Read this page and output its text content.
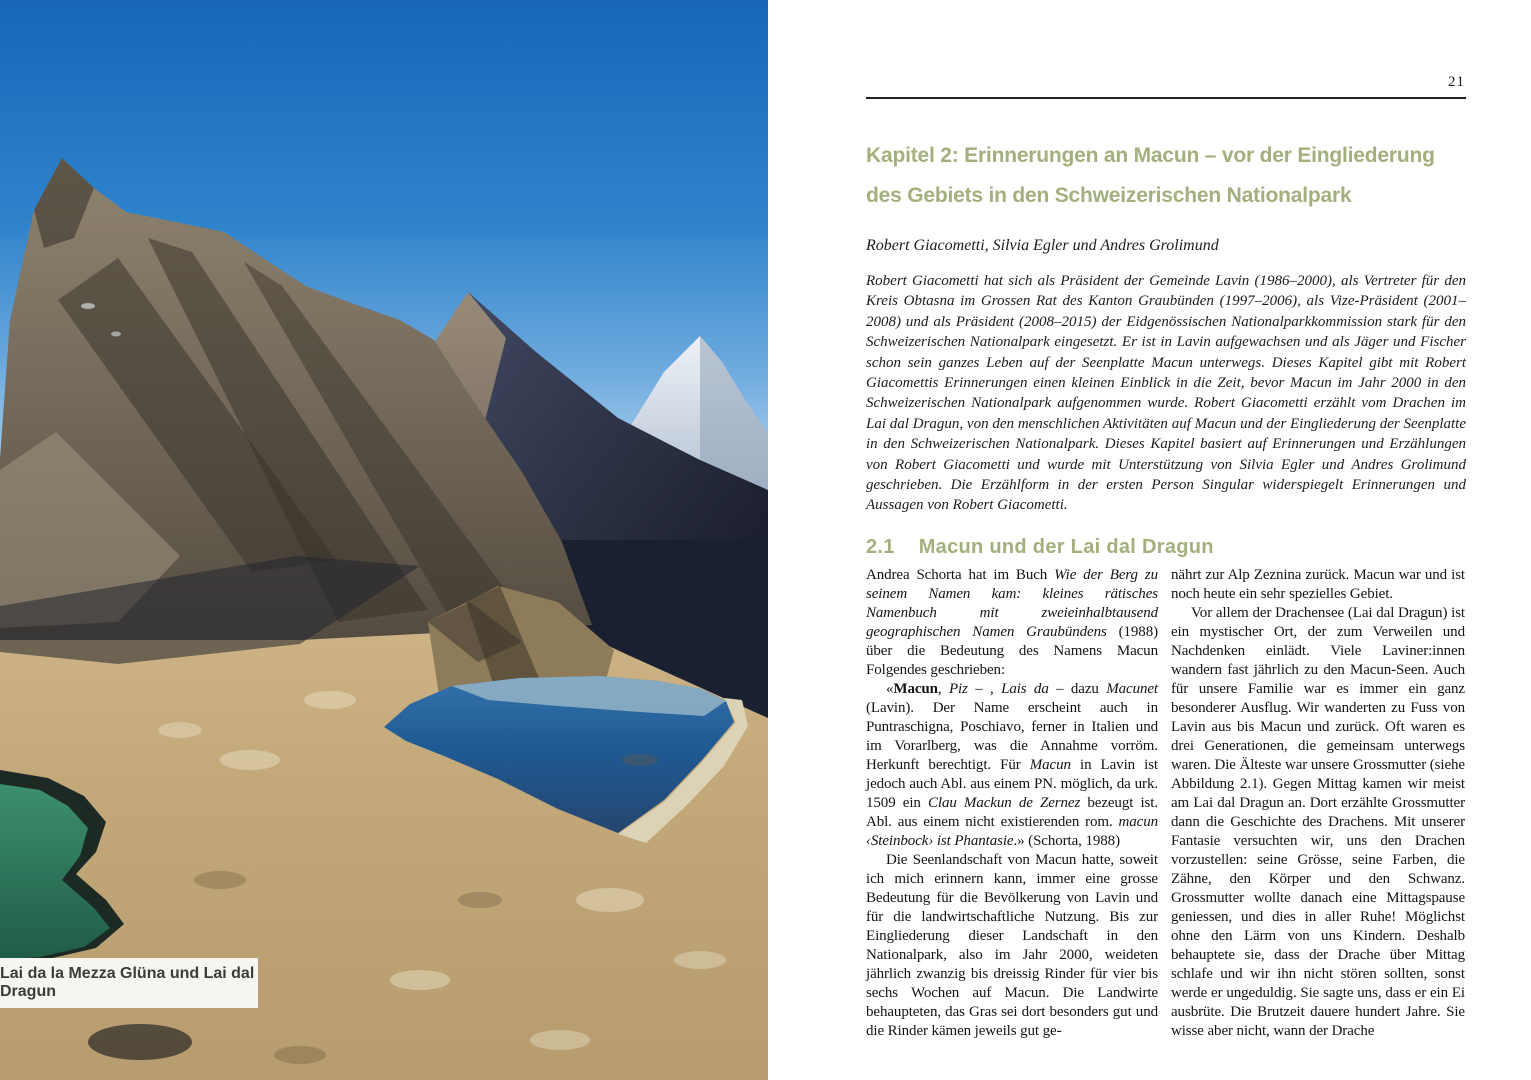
Lai da la Mezza Glüna und Lai dal Dragun
21
Kapitel 2: Erinnerungen an Macun – vor der Eingliederung
des Gebiets in den Schweizerischen Nationalpark
Robert Giacometti, Silvia Egler und Andres Grolimund
Robert Giacometti hat sich als Präsident der Gemeinde Lavin (1986–2000), als Vertreter für den Kreis Obtasna im Grossen Rat des Kanton Graubünden (1997–2006), als Vize-Präsident (2001–2008) und als Präsident (2008–2015) der Eidgenössischen Nationalparkkommission stark für den Schweizerischen Nationalpark eingesetzt. Er ist in Lavin aufgewachsen und als Jäger und Fischer schon sein ganzes Leben auf der Seenplatte Macun unterwegs. Dieses Kapitel gibt mit Robert Giacomettis Erinnerungen einen kleinen Einblick in die Zeit, bevor Macun im Jahr 2000 in den Schweizerischen Nationalpark aufgenommen wurde. Robert Giacometti erzählt vom Drachen im Lai dal Dragun, von den menschlichen Aktivitäten auf Macun und der Eingliederung der Seenplatte in den Schweizerischen Nationalpark. Dieses Kapitel basiert auf Erinnerungen und Erzählungen von Robert Giacometti und wurde mit Unterstützung von Silvia Egler und Andres Grolimund geschrieben. Die Erzählform in der ersten Person Singular widerspiegelt Erinnerungen und Aussagen von Robert Giacometti.
2.1 Macun und der Lai dal Dragun

Andrea Schorta hat im Buch Wie der Berg zu seinem Namen kam: kleines rätisches Namenbuch mit zweieinhalbtausend geographischen Namen Graubündens (1988) über die Bedeutung des Namens Macun Folgendes geschrieben:

«Macun, Piz – , Lais da – dazu Macunet (Lavin). Der Name erscheint auch in Puntraschigna, Poschiavo, ferner in Italien und im Vorarlberg, was die Annahme vorröm. Herkunft berechtigt. Für Macun in Lavin ist jedoch auch Abl. aus einem PN. möglich, da urk. 1509 ein Clau Mackun de Zernez bezeugt ist. Abl. aus einem nicht existierenden rom. macun ‹Steinbock› ist Phantasie.» (Schorta, 1988)

Die Seenlandschaft von Macun hatte, soweit ich mich erinnern kann, immer eine grosse Bedeutung für die Bevölkerung von Lavin und für die landwirtschaftliche Nutzung. Bis zur Eingliederung dieser Landschaft in den Nationalpark, also im Jahr 2000, weideten jährlich zwanzig bis dreissig Rinder für vier bis sechs Wochen auf Macun. Die Landwirte behaupteten, das Gras sei dort besonders gut und die Rinder kämen jeweils gut ge-

nährt zur Alp Zeznina zurück. Macun war und ist noch heute ein sehr spezielles Gebiet.

Vor allem der Drachensee (Lai dal Dragun) ist ein mystischer Ort, der zum Verweilen und Nachdenken einlädt. Viele Laviner:innen wandern fast jährlich zu den Macun-Seen. Auch für unsere Familie war es immer ein ganz besonderer Ausflug. Wir wanderten zu Fuss von Lavin aus bis Macun und zurück. Oft waren es drei Generationen, die gemeinsam unterwegs waren. Die Älteste war unsere Grossmutter (siehe Abbildung 2.1). Gegen Mittag kamen wir meist am Lai dal Dragun an. Dort erzählte Grossmutter dann die Geschichte des Drachens. Mit unserer Fantasie versuchten wir, uns den Drachen vorzustellen: seine Grösse, seine Farben, die Zähne, den Körper und den Schwanz. Grossmutter wollte danach eine Mittagspause geniessen, und dies in aller Ruhe! Möglichst ohne den Lärm von uns Kindern. Deshalb behauptete sie, dass der Drache über Mittag schlafe und wir ihn nicht stören sollten, sonst werde er ungeduldig. Sie sagte uns, dass er ein Ei ausbrüte. Die Brutzeit dauere hundert Jahre. Sie wisse aber nicht, wann der Drache
